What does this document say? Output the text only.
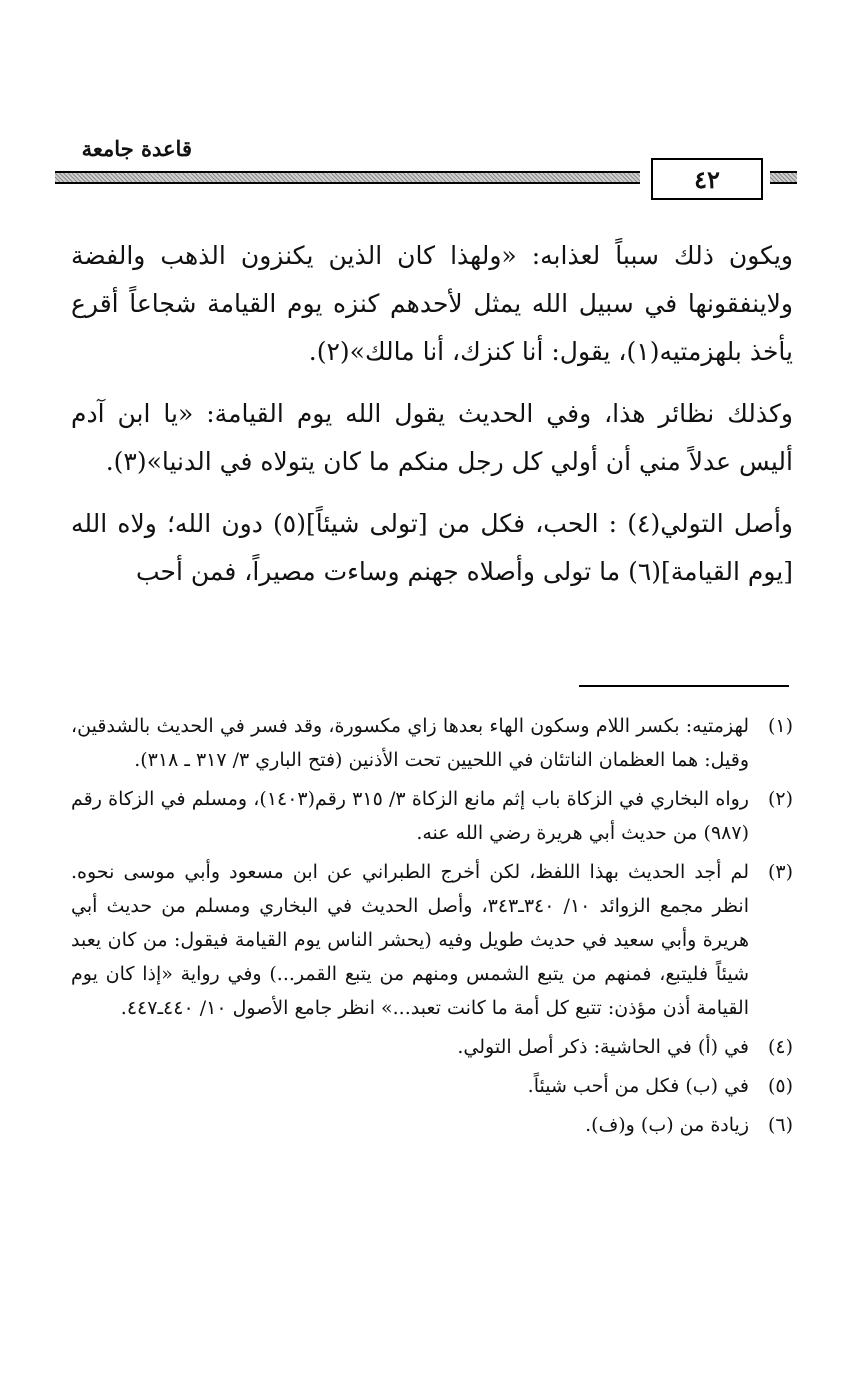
قاعدة جامعة
٤٢

ويكون ذلك سبباً لعذابه: «ولهذا كان الذين يكنزون الذهب والفضة ولاينفقونها في سبيل الله يمثل لأحدهم كنزه يوم القيامة شجاعاً أقرع يأخذ بلهزمتيه(١)، يقول: أنا كنزك، أنا مالك»(٢).

وكذلك نظائر هذا، وفي الحديث يقول الله يوم القيامة: «يا ابن آدم أليس عدلاً مني أن أولي كل رجل منكم ما كان يتولاه في الدنيا»(٣).

وأصل التولي(٤) : الحب، فكل من [تولى شيئاً](٥) دون الله؛ ولاه الله [يوم القيامة](٦) ما تولى وأصلاه جهنم وساءت مصيراً، فمن أحب

(١)
لهزمتيه: بكسر اللام وسكون الهاء بعدها زاي مكسورة، وقد فسر في الحديث بالشدقين، وقيل: هما العظمان الناتئان في اللحيين تحت الأذنين (فتح الباري ٣/ ٣١٧ ـ ٣١٨).
(٢)
رواه البخاري في الزكاة باب إثم مانع الزكاة ٣/ ٣١٥ رقم(١٤٠٣)، ومسلم في الزكاة رقم (٩٨٧) من حديث أبي هريرة رضي الله عنه.
(٣)
لم أجد الحديث بهذا اللفظ، لكن أخرج الطبراني عن ابن مسعود وأبي موسى نحوه. انظر مجمع الزوائد ١٠/ ٣٤٠ـ٣٤٣، وأصل الحديث في البخاري ومسلم من حديث أبي هريرة وأبي سعيد في حديث طويل وفيه (يحشر الناس يوم القيامة فيقول: من كان يعبد شيئاً فليتبع، فمنهم من يتبع الشمس ومنهم من يتبع القمر...) وفي رواية «إذا كان يوم القيامة أذن مؤذن: تتبع كل أمة ما كانت تعبد...» انظر جامع الأصول ١٠/ ٤٤٠ـ٤٤٧.
(٤)
في (أ) في الحاشية: ذكر أصل التولي.
(٥)
في (ب) فكل من أحب شيئاً.
(٦)
زيادة من (ب) و(ف).
